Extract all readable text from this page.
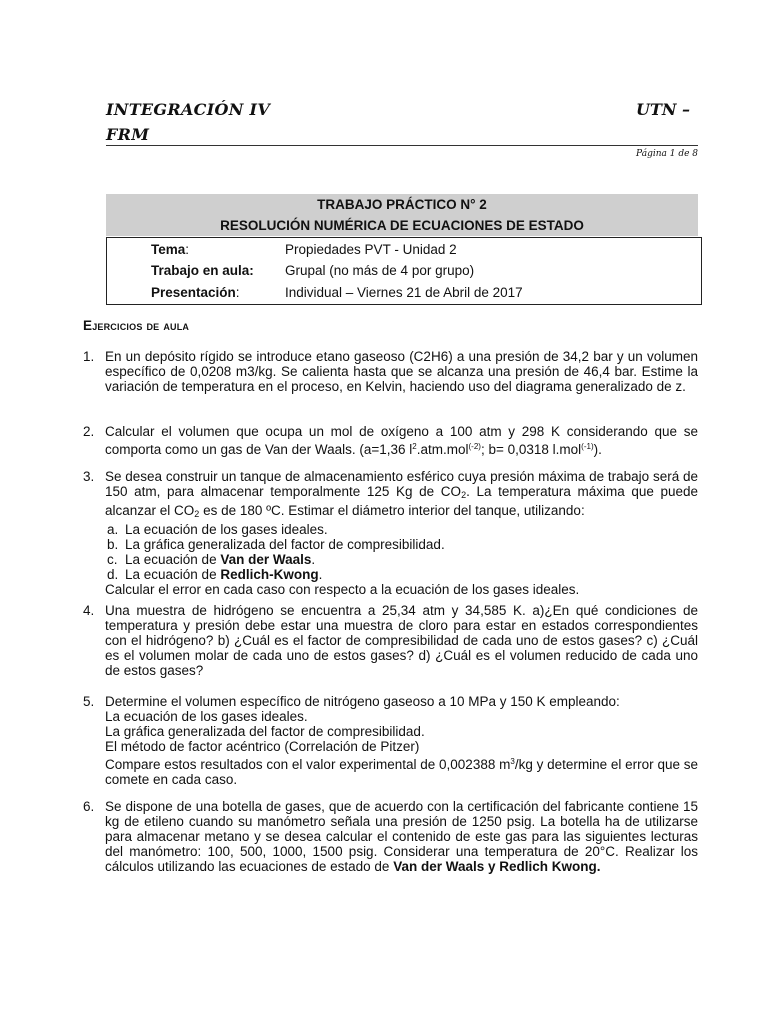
INTEGRACIÓN IV
FRM
UTN –
Página 1 de 8
TRABAJO PRÁCTICO N° 2
RESOLUCIÓN NUMÉRICA DE ECUACIONES DE ESTADO
Tema:	Propiedades PVT - Unidad 2
Trabajo en aula:	Grupal (no más de 4 por grupo)
Presentación:	Individual – Viernes 21 de Abril de 2017
Ejercicios de aula
1. En un depósito rígido se introduce etano gaseoso (C2H6) a una presión de 34,2 bar y un volumen específico de 0,0208 m3/kg. Se calienta hasta que se alcanza una presión de 46,4 bar. Estime la variación de temperatura en el proceso, en Kelvin, haciendo uso del diagrama generalizado de z.
2. Calcular el volumen que ocupa un mol de oxígeno a 100 atm y 298 K considerando que se comporta como un gas de Van der Waals. (a=1,36 $l^2.atm.mol^{(-2)}$; b= 0,0318 l.mol$^{(-1)}$).
3. Se desea construir un tanque de almacenamiento esférico cuya presión máxima de trabajo será de 150 atm, para almacenar temporalmente 125 Kg de CO2. La temperatura máxima que puede alcanzar el CO2 es de 180 ºC. Estimar el diámetro interior del tanque, utilizando:
a. La ecuación de los gases ideales.
b. La gráfica generalizada del factor de compresibilidad.
c. La ecuación de Van der Waals.
d. La ecuación de Redlich-Kwong.
Calcular el error en cada caso con respecto a la ecuación de los gases ideales.
4. Una muestra de hidrógeno se encuentra a 25,34 atm y 34,585 K. a)¿En qué condiciones de temperatura y presión debe estar una muestra de cloro para estar en estados correspondientes con el hidrógeno? b) ¿Cuál es el factor de compresibilidad de cada uno de estos gases? c) ¿Cuál es el volumen molar de cada uno de estos gases? d) ¿Cuál es el volumen reducido de cada uno de estos gases?
5. Determine el volumen específico de nitrógeno gaseoso a 10 MPa y 150 K empleando:
La ecuación de los gases ideales.
La gráfica generalizada del factor de compresibilidad.
El método de factor acéntrico (Correlación de Pitzer)
Compare estos resultados con el valor experimental de 0,002388 $m^3/kg$ y determine el error que se comete en cada caso.
6. Se dispone de una botella de gases, que de acuerdo con la certificación del fabricante contiene 15 kg de etileno cuando su manómetro señala una presión de 1250 psig. La botella ha de utilizarse para almacenar metano y se desea calcular el contenido de este gas para las siguientes lecturas del manómetro: 100, 500, 1000, 1500 psig. Considerar una temperatura de 20°C. Realizar los cálculos utilizando las ecuaciones de estado de Van der Waals y Redlich Kwong.
